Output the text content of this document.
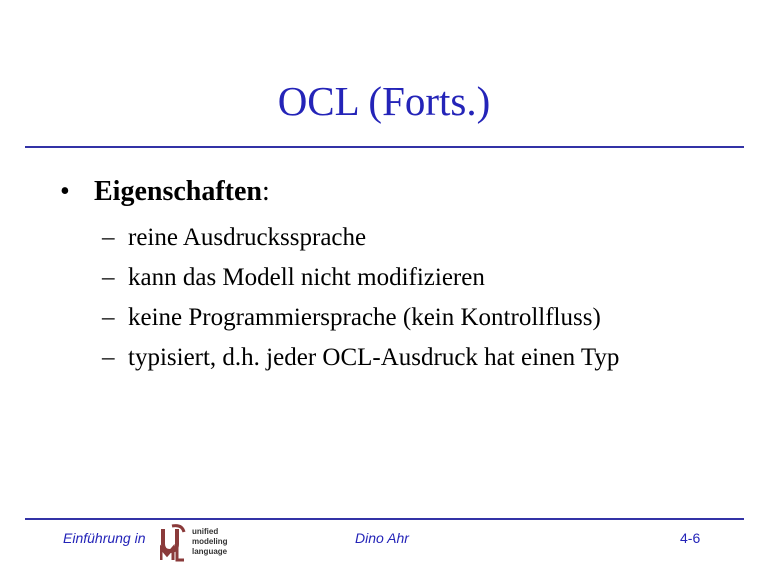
OCL (Forts.)
• Eigenschaften:
– reine Ausdruckssprache
– kann das Modell nicht modifizieren
– keine Programmiersprache (kein Kontrollfluss)
– typisiert, d.h. jeder OCL-Ausdruck hat einen Typ
Einführung in	unified
modeling
language
Dino Ahr	4-6
